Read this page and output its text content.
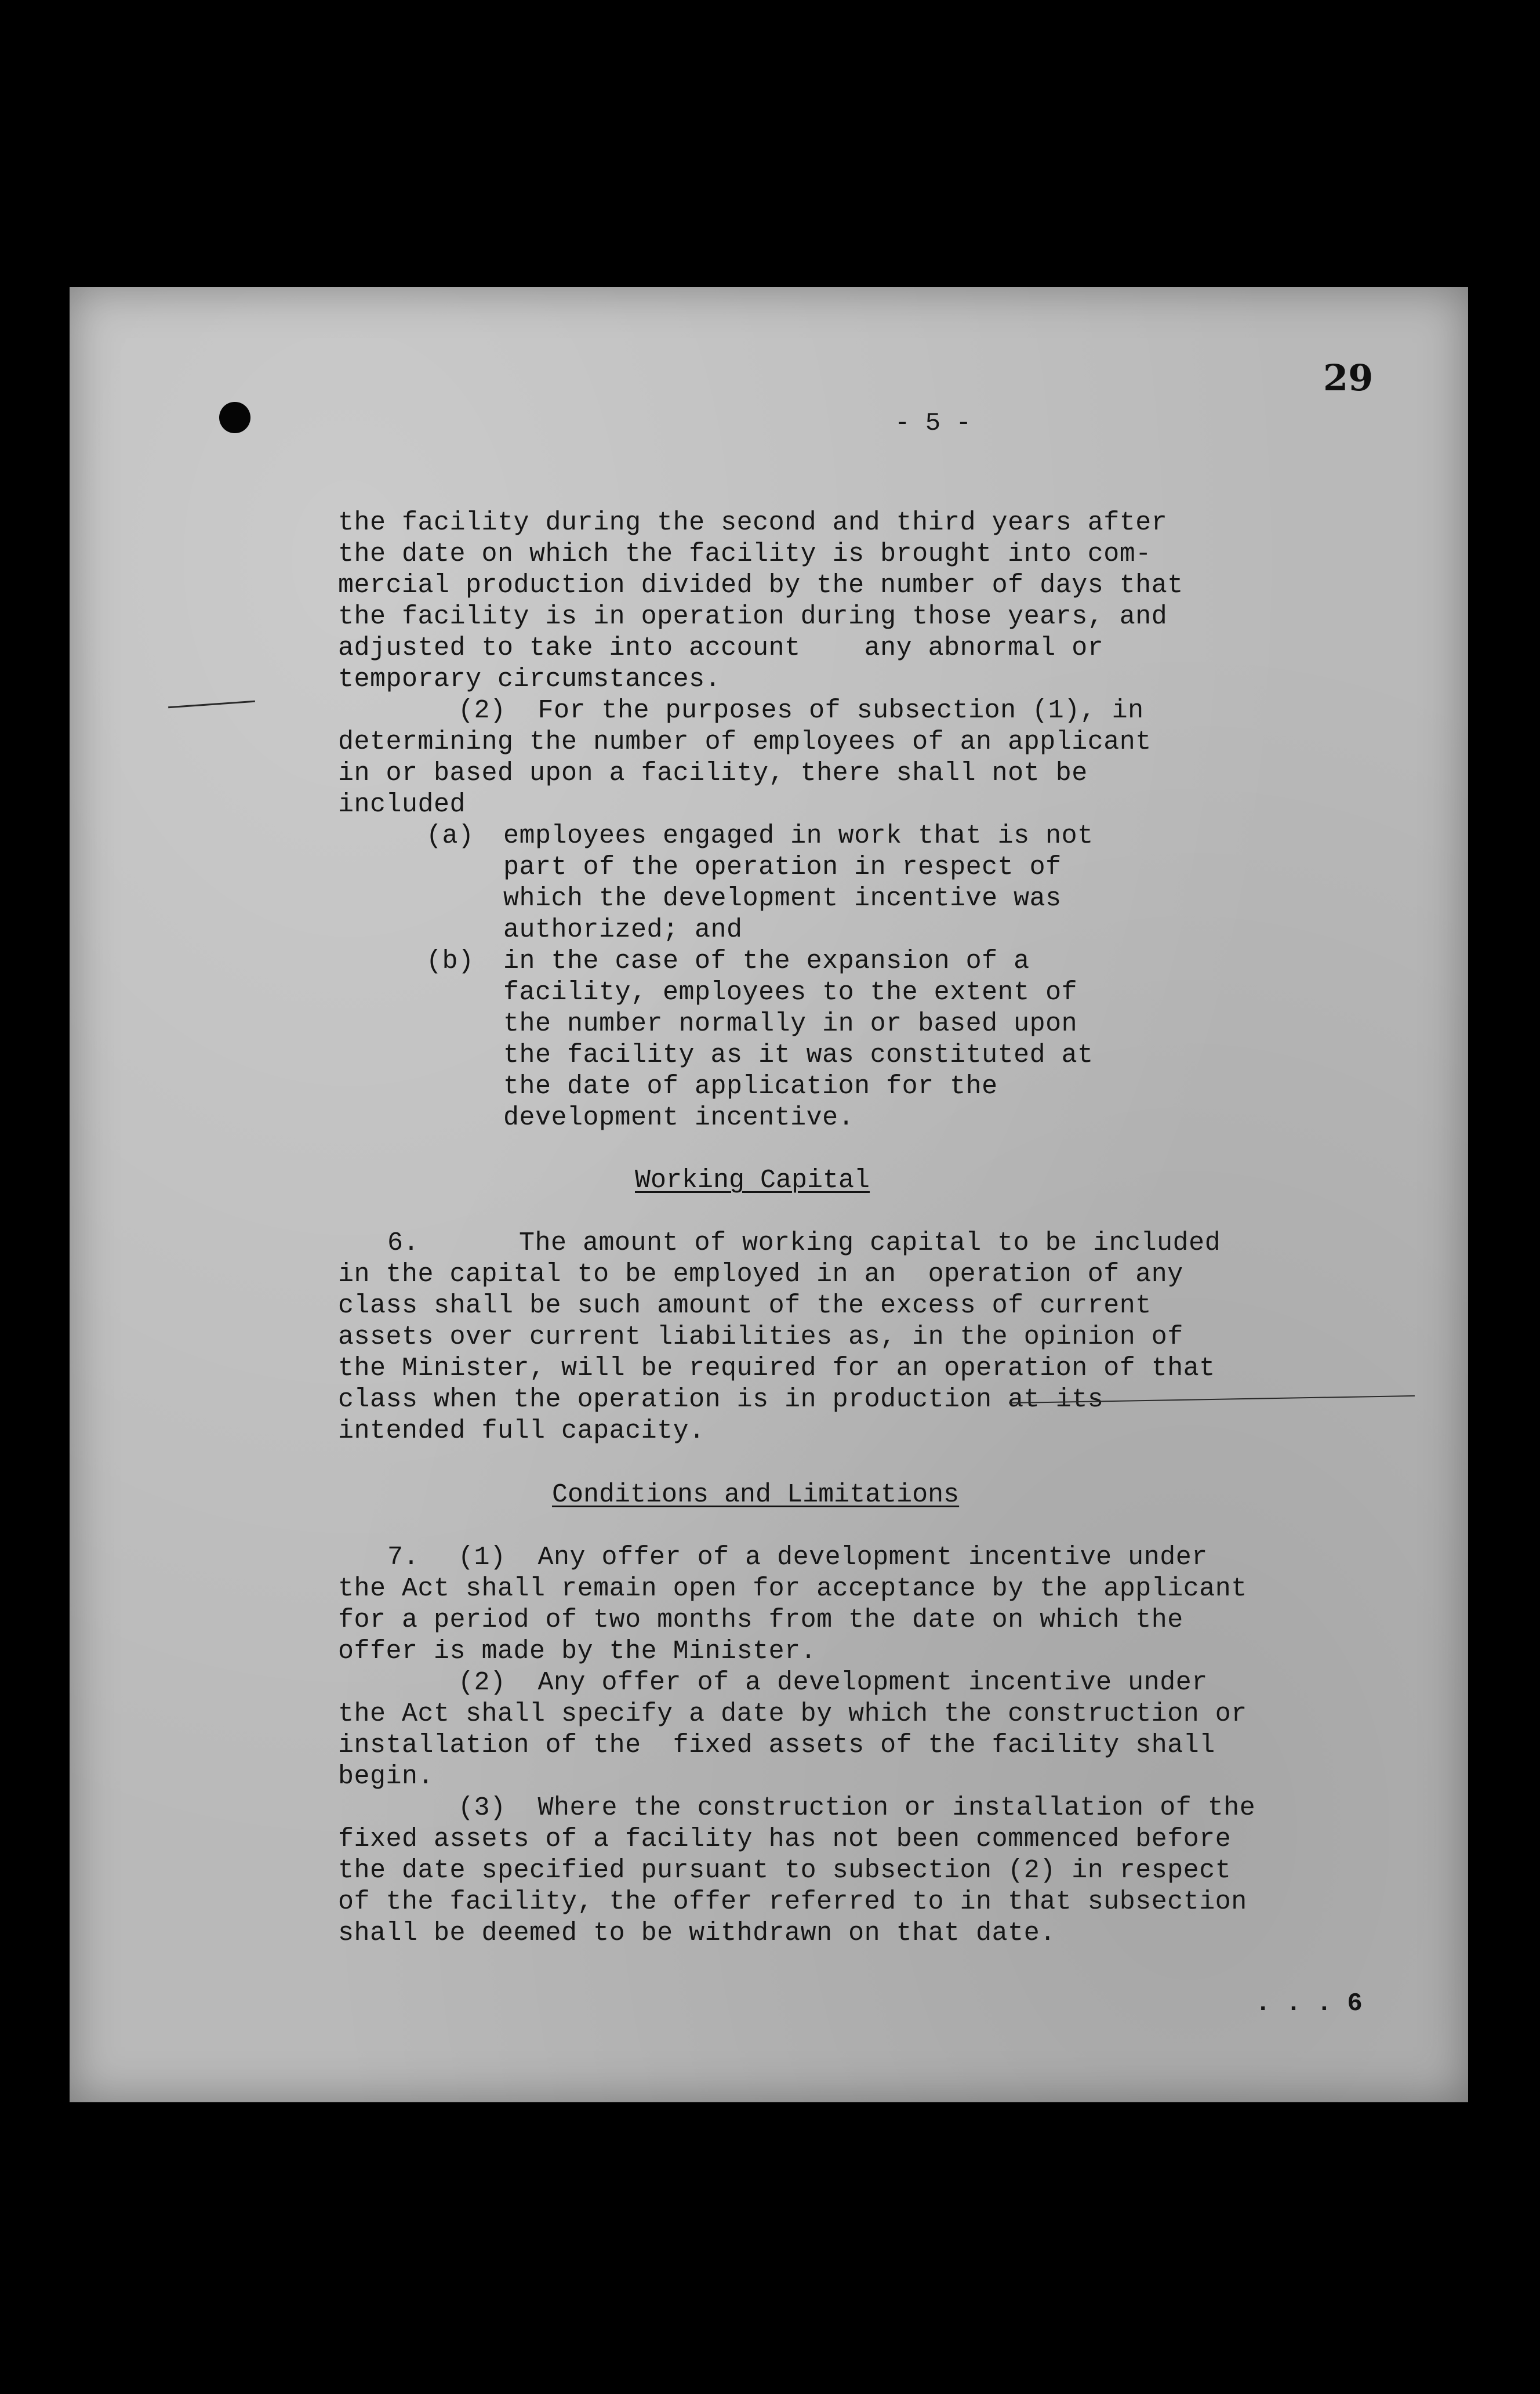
29
- 5 -
the facility during the second and third years after
the date on which the facility is brought into com-
mercial production divided by the number of days that
the facility is in operation during those years, and
adjusted to take into account    any abnormal or
temporary circumstances.
(2)  For the purposes of subsection (1), in
determining the number of employees of an applicant
in or based upon a facility, there shall not be
included
(a) employees engaged in work that is not
part of the operation in respect of
which the development incentive was
authorized; and
(b) in the case of the expansion of a
facility, employees to the extent of
the number normally in or based upon
the facility as it was constituted at
the date of application for the
development incentive.
Working Capital
6.	The amount of working capital to be included
in the capital to be employed in an  operation of any
class shall be such amount of the excess of current
assets over current liabilities as, in the opinion of
the Minister, will be required for an operation of that
class when the operation is in production at its
intended full capacity.
Conditions and Limitations
7. (1)  Any offer of a development incentive under
the Act shall remain open for acceptance by the applicant
for a period of two months from the date on which the
offer is made by the Minister.
(2)  Any offer of a development incentive under
the Act shall specify a date by which the construction or
installation of the  fixed assets of the facility shall
begin.
(3)  Where the construction or installation of the
fixed assets of a facility has not been commenced before
the date specified pursuant to subsection (2) in respect
of the facility, the offer referred to in that subsection
shall be deemed to be withdrawn on that date.
. . . 6
